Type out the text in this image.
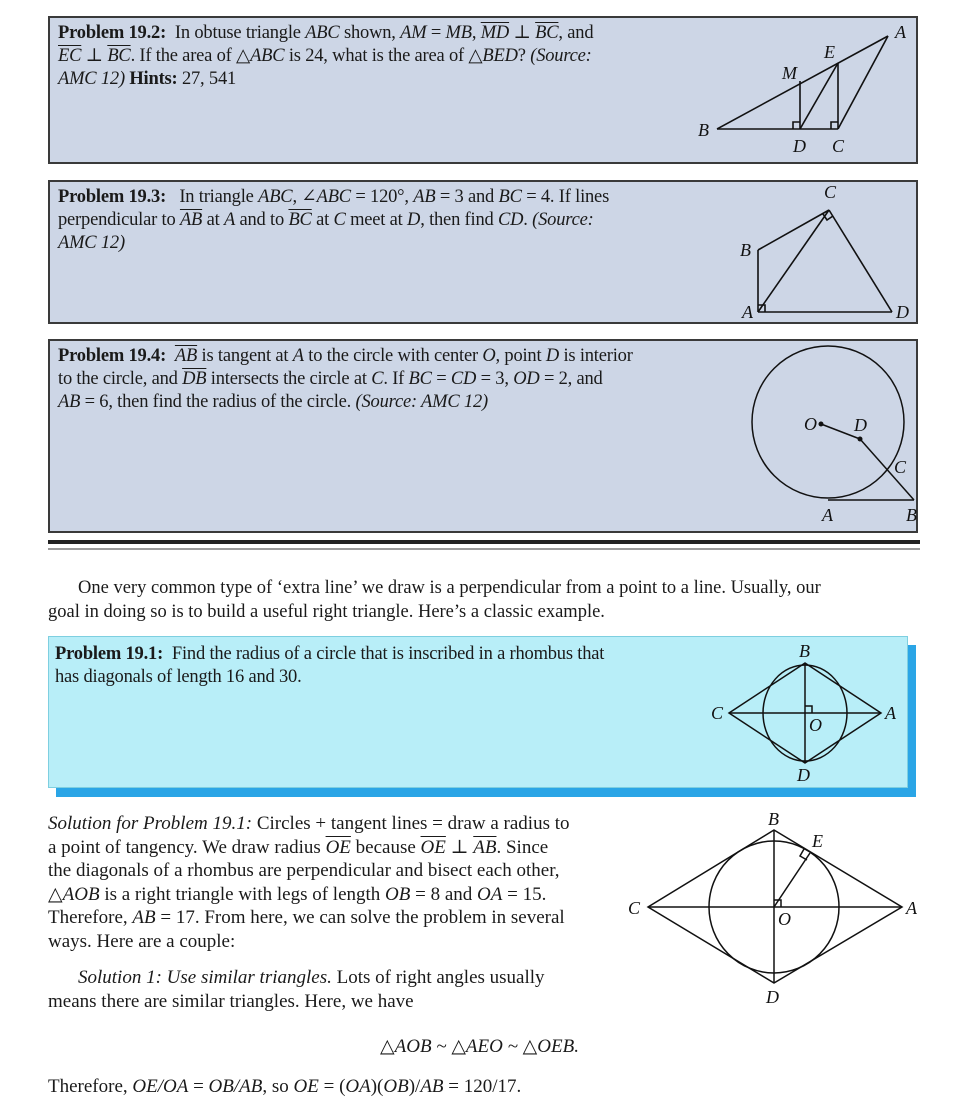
Problem 19.2: In obtuse triangle ABC shown, AM = MB, $\overline{MD}$ ⊥ $\overline{BC}$, and
$\overline{EC}$ ⊥ $\overline{BC}$. If the area of △ABC is 24, what is the area of △BED? (Source:
AMC 12) Hints: 27, 541
A
E
M
B
D C
Problem 19.3: In triangle ABC, ∠ABC = 120°, AB = 3 and BC = 4. If lines
perpendicular to $\overline{AB}$ at A and to $\overline{BC}$ at C meet at D, then find CD. (Source:
AMC 12)
C
B
A	D
Problem 19.4: $\overline{AB}$ is tangent at A to the circle with center O, point D is interior
to the circle, and $\overline{DB}$ intersects the circle at C. If BC = CD = 3, OD = 2, and
AB = 6, then find the radius of the circle. (Source: AMC 12)
O D
C
A	B
One very common type of ‘extra line’ we draw is a perpendicular from a point to a line. Usually, our
goal in doing so is to build a useful right triangle. Here’s a classic example.
Problem 19.1: Find the radius of a circle that is inscribed in a rhombus that
has diagonals of length 16 and 30.
B
C	A
O
D
Solution for Problem 19.1: Circles + tangent lines = draw a radius to
a point of tangency. We draw radius $\overline{OE}$ because $\overline{OE}$ ⊥ $\overline{AB}$. Since
the diagonals of a rhombus are perpendicular and bisect each other,
△AOB is a right triangle with legs of length OB = 8 and OA = 15.
Therefore, AB = 17. From here, we can solve the problem in several
ways. Here are a couple:
Solution 1: Use similar triangles. Lots of right angles usually
means there are similar triangles. Here, we have
△AOB ~ △AEO ~ △OEB.
Therefore, OE/OA = OB/AB, so OE = (OA)(OB)/AB = 120/17.
B
E
C	A
O
D
